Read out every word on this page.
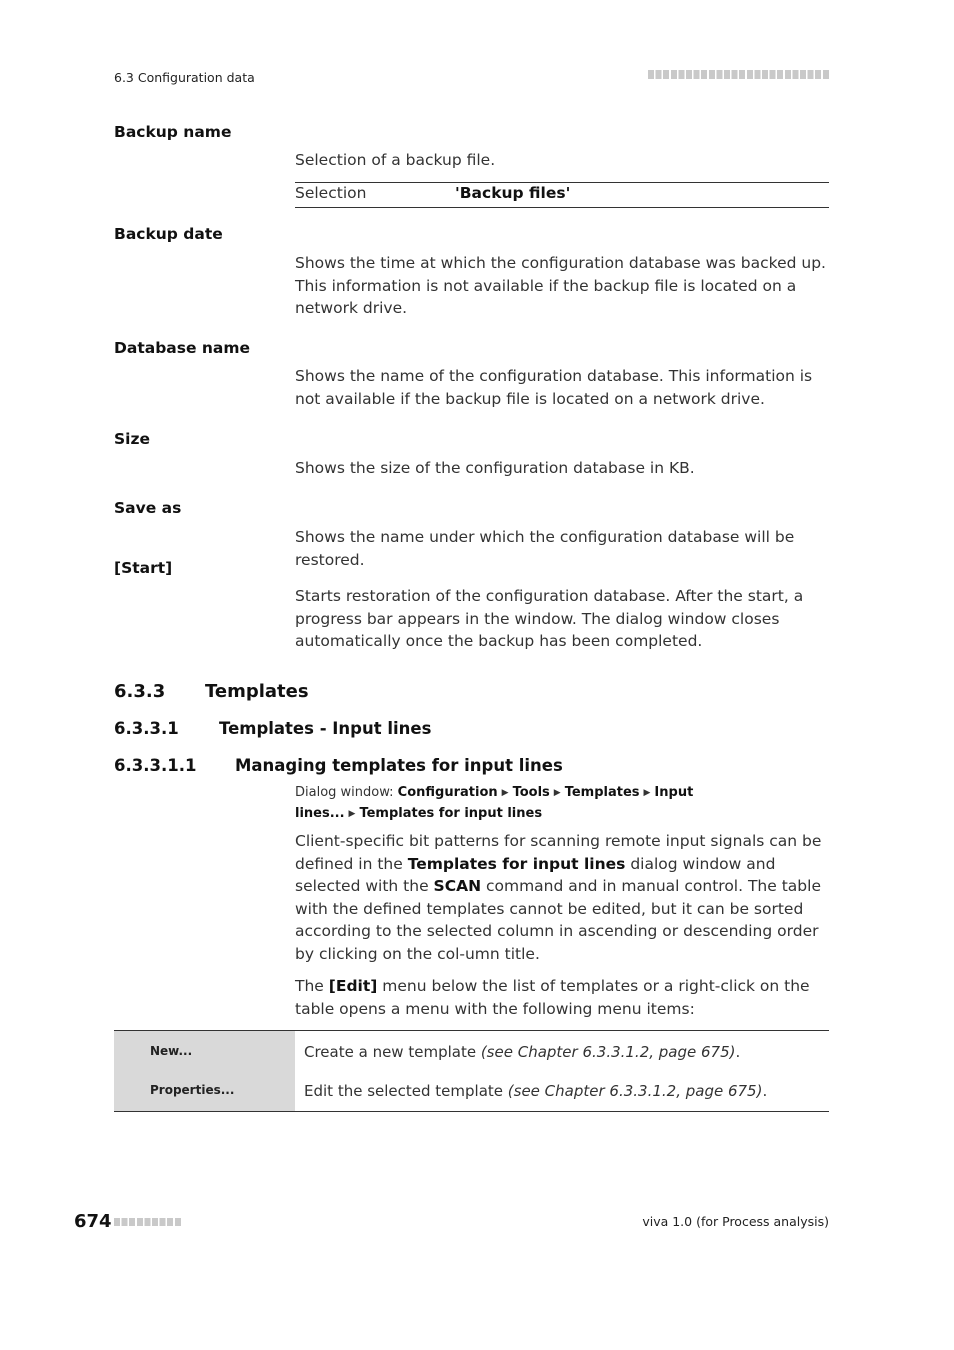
6.3 Configuration data
Backup name
Selection of a backup file.
Selection	'Backup files'
Backup date
Shows the time at which the configuration database was backed up. This information is not available if the backup file is located on a network drive.
Database name
Shows the name of the configuration database. This information is not available if the backup file is located on a network drive.
Size
Shows the size of the configuration database in KB.
Save as
Shows the name under which the configuration database will be restored.
[Start]
Starts restoration of the configuration database. After the start, a progress bar appears in the window. The dialog window closes automatically once the backup has been completed.
6.3.3 Templates
6.3.3.1 Templates - Input lines
6.3.3.1.1 Managing templates for input lines
Dialog window: Configuration ▶ Tools ▶ Templates ▶ Input lines... ▶ Templates for input lines
Client-specific bit patterns for scanning remote input signals can be defined in the Templates for input lines dialog window and selected with the SCAN command and in manual control. The table with the defined templates cannot be edited, but it can be sorted according to the selected column in ascending or descending order by clicking on the col-umn title.
The [Edit] menu below the list of templates or a right-click on the table opens a menu with the following menu items:
New...	Create a new template (see Chapter 6.3.3.1.2, page 675).
Properties...	Edit the selected template (see Chapter 6.3.3.1.2, page 675).
674	viva 1.0 (for Process analysis)
